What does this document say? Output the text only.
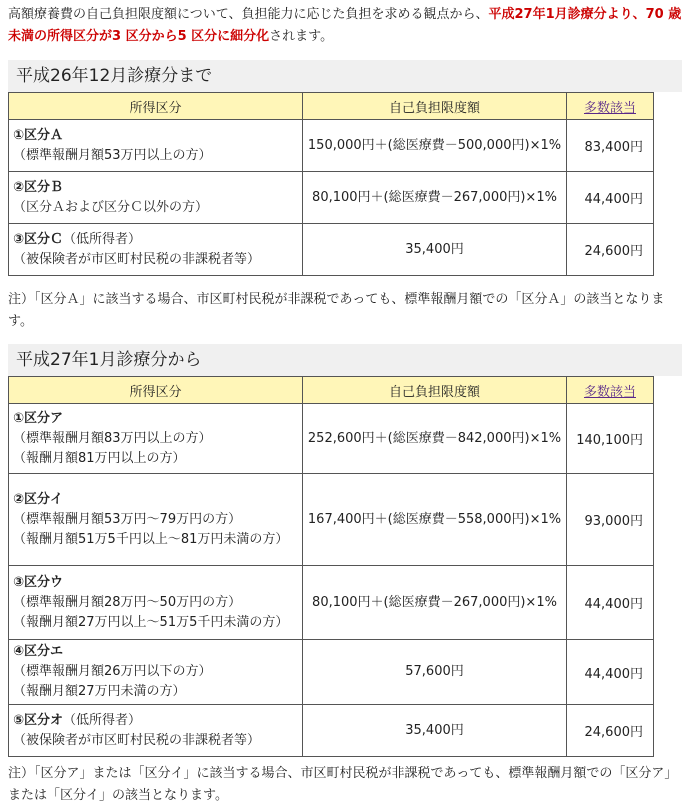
高額療養費の自己負担限度額について、負担能力に応じた負担を求める観点から、平成27年1月診療分より、70 歳未満の所得区分が3 区分から5 区分に細分化されます。
平成26年12月診療分まで
所得区分	自己負担限度額	多数該当
①区分Ａ
（標準報酬月額53万円以上の方）	150,000円＋(総医療費－500,000円)×1%	83,400円
②区分Ｂ
（区分Ａおよび区分Ｃ以外の方）	80,100円＋(総医療費－267,000円)×1%	44,400円
③区分Ｃ（低所得者）
（被保険者が市区町村民税の非課税者等）	35,400円	24,600円
注）「区分Ａ」に該当する場合、市区町村民税が非課税であっても、標準報酬月額での「区分Ａ」の該当となります。
平成27年1月診療分から
所得区分	自己負担限度額	多数該当
①区分ア
（標準報酬月額83万円以上の方）
（報酬月額81万円以上の方）	252,600円＋(総医療費－842,000円)×1%	140,100円
②区分イ
（標準報酬月額53万円～79万円の方）
（報酬月額51万5千円以上～81万円未満の方）	167,400円＋(総医療費－558,000円)×1%	93,000円
③区分ウ
（標準報酬月額28万円～50万円の方）
（報酬月額27万円以上～51万5千円未満の方）	80,100円＋(総医療費－267,000円)×1%	44,400円
④区分エ
（標準報酬月額26万円以下の方）
（報酬月額27万円未満の方）	57,600円	44,400円
⑤区分オ（低所得者）
（被保険者が市区町村民税の非課税者等）	35,400円	24,600円
注）「区分ア」または「区分イ」に該当する場合、市区町村民税が非課税であっても、標準報酬月額での「区分ア」または「区分イ」の該当となります。
